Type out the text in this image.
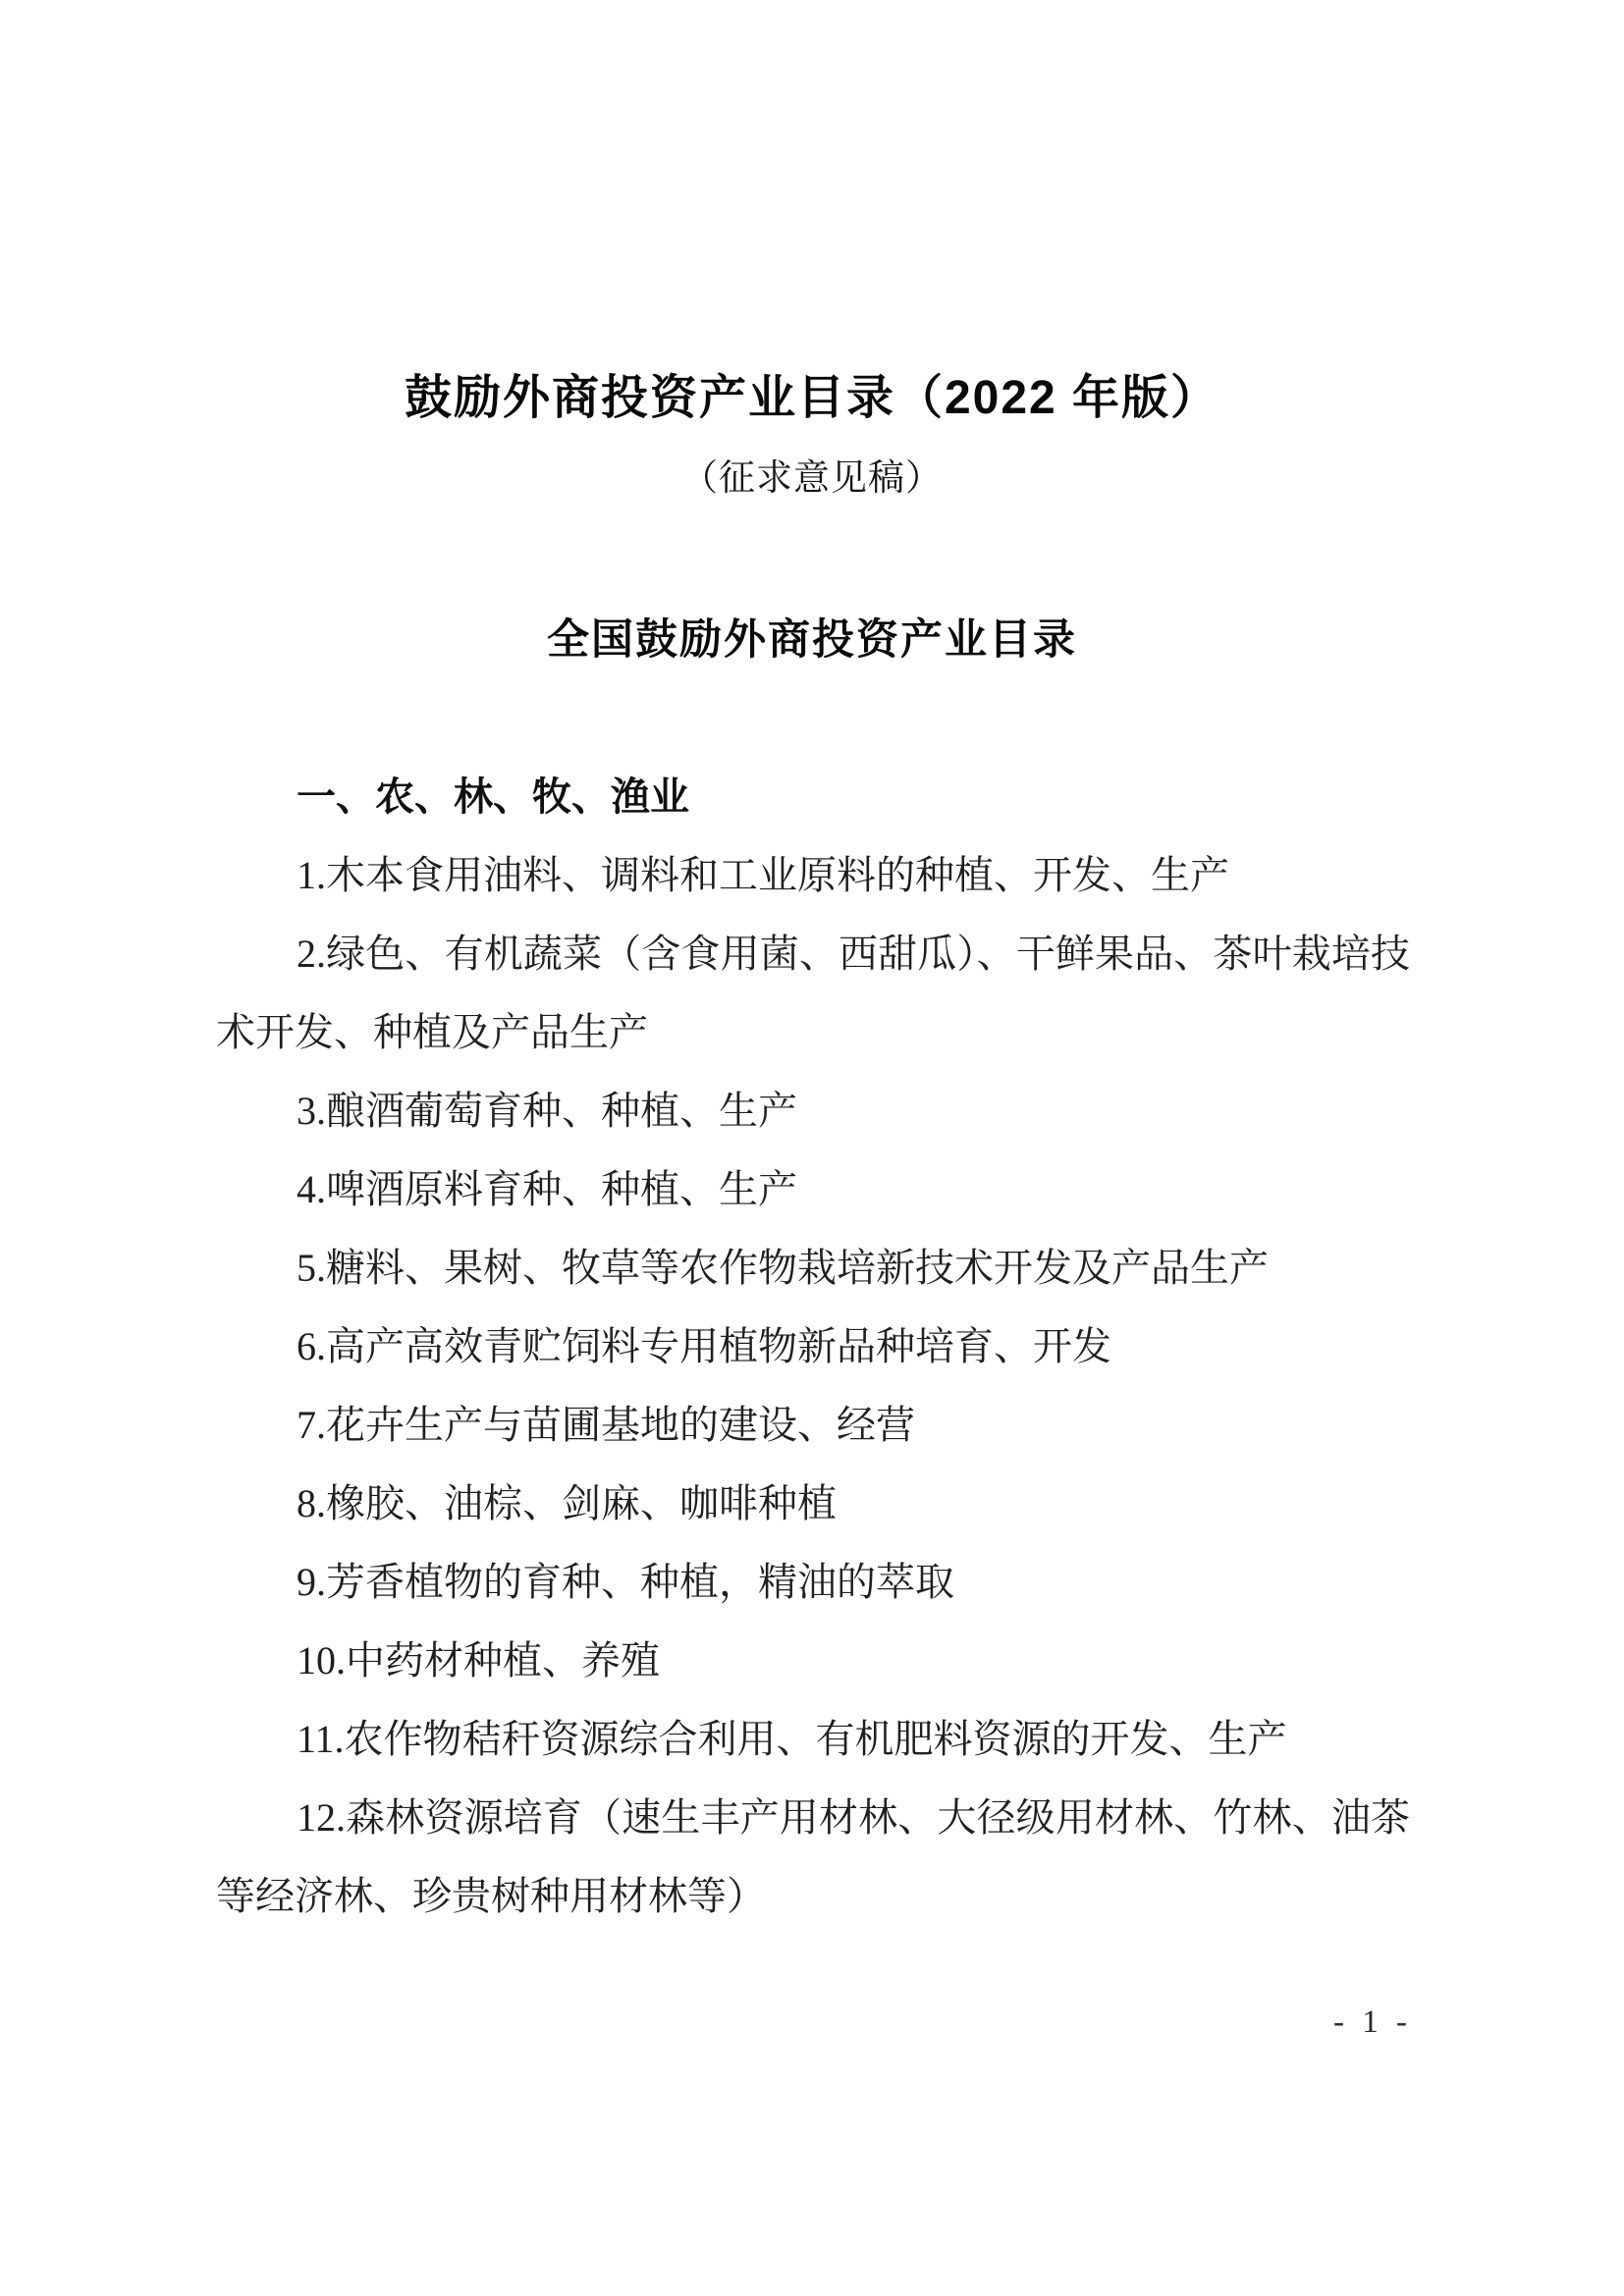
鼓励外商投资产业目录（2022 年版）
（征求意见稿）
全国鼓励外商投资产业目录

一、农、林、牧、渔业

1.木本食用油料、调料和工业原料的种植、开发、生产

2.绿色、有机蔬菜（含食用菌、西甜瓜）、干鲜果品、茶叶栽培技术开发、种植及产品生产

3.酿酒葡萄育种、种植、生产

4.啤酒原料育种、种植、生产

5.糖料、果树、牧草等农作物栽培新技术开发及产品生产

6.高产高效青贮饲料专用植物新品种培育、开发

7.花卉生产与苗圃基地的建设、经营

8.橡胶、油棕、剑麻、咖啡种植

9.芳香植物的育种、种植，精油的萃取

10.中药材种植、养殖

11.农作物秸秆资源综合利用、有机肥料资源的开发、生产

12.森林资源培育（速生丰产用材林、大径级用材林、竹林、油茶等经济林、珍贵树种用材林等）

- 1 -
